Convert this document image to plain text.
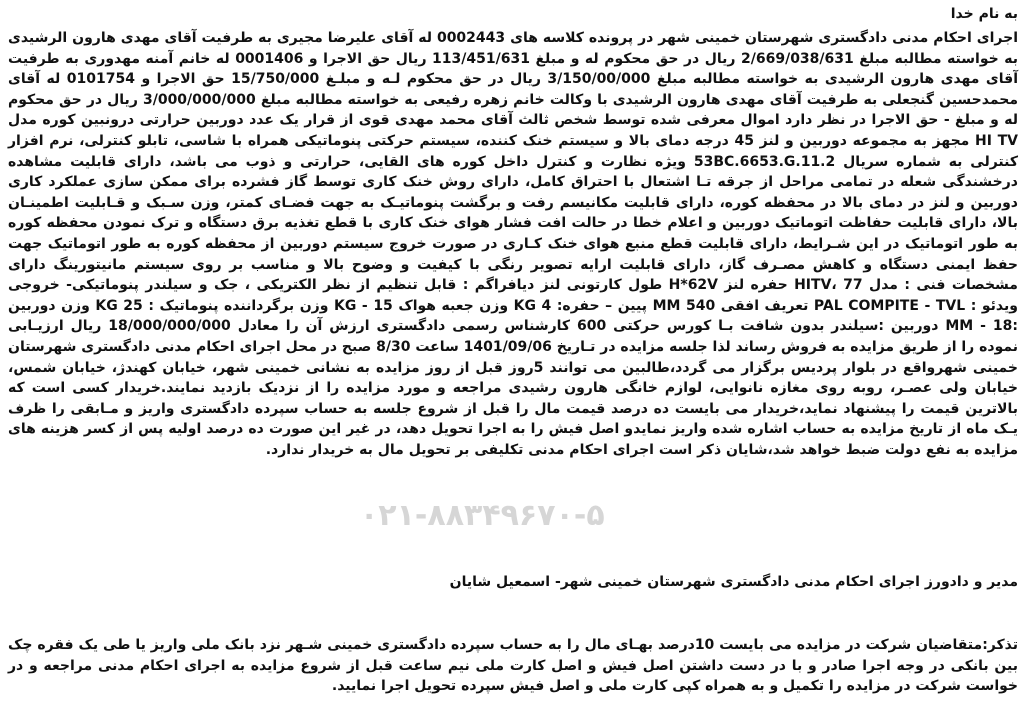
به نام خدا
اجرای احکام مدنی دادگستری شهرستان خمینی شهر در پرونده کلاسه های 0002443 له آقای علیرضا مجیری به طرفیت آقای مهدی هارون الرشیدی به خواسته مطالبه مبلغ 2/669/038/631 ریال در حق محکوم له و مبلغ 113/451/631 ریال حق الاجرا و 0001406 له خانم آمنه مهدوری به طرفیت آقای مهدی هارون الرشیدی به خواسته مطالبه مبلغ 3/150/00/000 ریال در حق محکوم لـه و مبلـغ 15/750/000 حق الاجرا و 0101754 له آقای محمدحسین گنجعلی به طرفیت آقای مهدی هارون الرشیدی با وکالت خانم زهره رفیعی به خواسته مطالبه مبلغ 3/000/000/000 ریال در حق محکوم له و مبلغ - حق الاجرا در نظر دارد اموال معرفی شده توسط شخص ثالث آقای محمد مهدی قوی از قرار یک عدد دوربین حرارتی درونبین کوره مدل HI TV مجهز به مجموعه دوربین و لنز 45 درجه دمای بالا و سیستم خنک کننده، سیستم حرکتی پنوماتیکی همراه با شاسی، تابلو کنترلی، نرم افزار کنترلی به شماره سریال 53BC.6653.G.11.2 ویژه نظارت و کنترل داخل کوره های القایی، حرارتی و ذوب می باشد، دارای قابلیت مشاهده درخشندگی شعله در تمامی مراحل از جرقه تـا اشتعال با احتراق کامل، دارای روش خنک کاری توسط گاز فشرده برای ممکن سازی عملکرد کاری دوربین و لنز در دمای بالا در محفظه کوره، دارای قابلیت مکانیسم رفت و برگشت پنوماتیـک به جهت فضـای کمتر، وزن سـبک و قـابلیت اطمینـان بالا، دارای قابلیت حفاظت اتوماتیک دوربین و اعلام خطا در حالت افت فشار هوای خنک کاری با قطع تغذیه برق دستگاه و ترک نمودن محفظه کوره به طور اتوماتیک در این شـرایط، دارای قابلیت قطع منبع هوای خنک کـاری در صورت خروج سیستم دوربین از محفظه کوره به طور اتوماتیک جهت حفظ ایمنی دستگاه و کاهش مصـرف گاز، دارای قابلیت ارایه تصویر رنگی با کیفیت و وضوح بالا و مناسب بر روی سیستم مانیتورینگ دارای مشخصات فنی : مدل HITV، 77 حفره لنز H*62V طول کارتونی لنز دیافراگم : قابل تنظیم از نظر الکتریکی ، جک و سیلندر پنوماتیکی- خروجی ویدئو : PAL COMPITE - TVL تعریف افقی MM 540 پیین – حفره: 4 KG وزن جعبه هواک 15 - KG وزن برگرداننده پنوماتیک : KG 25 وزن دوربین :18 - MM دوربین :سیلندر بدون شافت بـا کورس حرکتی 600 کارشناس رسمی دادگستری ارزش آن را معادل 18/000/000/000 ریال ارزیـابی نموده را از طریق مزایده به فروش رساند لذا جلسه مزایده در تـاریخ 1401/09/06 ساعت 8/30 صبح در محل اجرای احکام مدنی دادگستری شهرستان خمینی شهرواقع در بلوار پردیس برگزار می گردد،طالبین می توانند 5روز قبل از روز مزایده به نشانی خمینی شهر، خیابان کهندژ، خیابان شمس، خیابان ولی عصـر، روبه روی مغازه نانوایی، لوازم خانگی هارون رشیدی مراجعه و مورد مزایده را از نزدیک بازدید نمایند.خریدار کسی است که بالاترین قیمت را پیشنهاد نماید،خریدار می بایست ده درصد قیمت مال را قبل از شروع جلسه به حساب سپرده دادگستری واریز و مـابقی را ظرف یـک ماه از تاریخ مزایده به حساب اشاره شده واریز نمایدو اصل فیش را به اجرا تحویل دهد، در غیر این صورت ده درصد اولیه پس از کسر هزینه های مزایده به نفع دولت ضبط خواهد شد،شایان ذکر است اجرای احکام مدنی تکلیفی بر تحویل مال به خریدار ندارد.
۰۲۱-۸۸۳۴۹۶۷۰-۵
مدیر و دادورز اجرای احکام مدنی دادگستری شهرستان خمینی شهر- اسمعیل شایان
تذکر:متقاضیان شرکت در مزایده می بایست 10درصد بهـای مال را به حساب سپرده دادگستری خمینی شـهر نزد بانک ملی واریز یا طی یک فقره چک بین بانکی در وجه اجرا صادر و با در دست داشتن اصل فیش و اصل کارت ملی نیم ساعت قبل از شروع مزایده به اجرای احکام مدنی مراجعه و در خواست شرکت در مزایده را تکمیل و به همراه کپی کارت ملی و اصل فیش سپرده تحویل اجرا نمایید.
